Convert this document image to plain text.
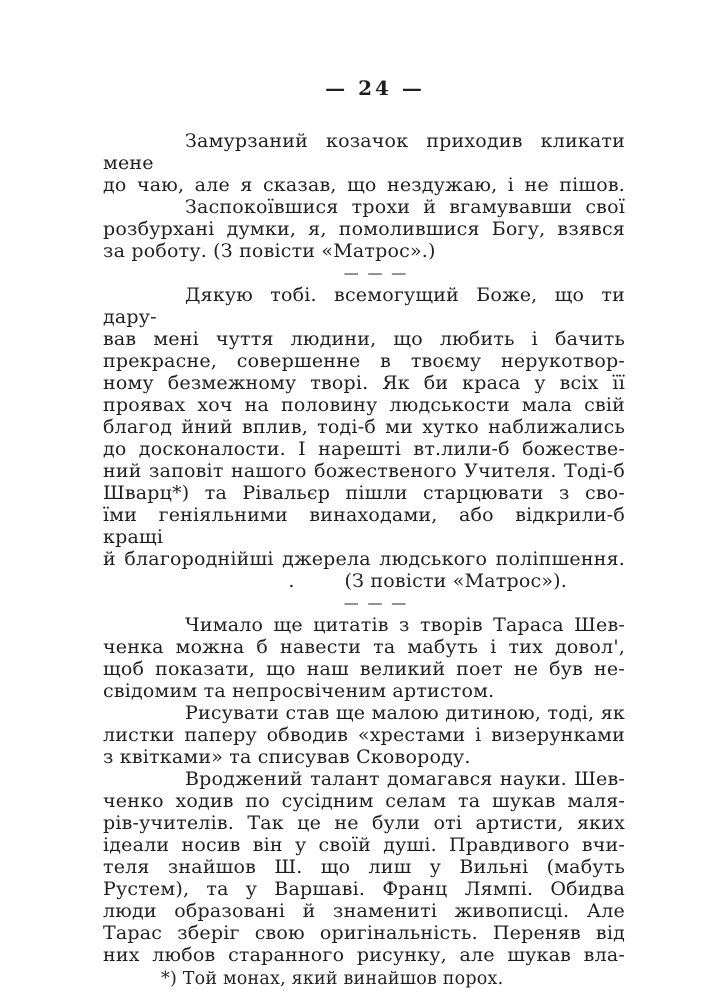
— 24 —
Замурзаний козачок приходив кликати мене
до чаю, але я сказав, що нездужаю, і не пішов.
Заспокоївшися трохи й вгамувавши свої
розбурхані думки, я, помолившися Богу, взявся
за роботу. (З повісти «Матрос».)
— — —
Дякую тобі. всемогущий Боже, що ти дару-
вав мені чуття людини, що любить і бачить
прекрасне, совершенне в твоєму нерукотвор-
ному безмежному творі. Як би краса у всіх її
проявах хоч на половину людськости мала свій
благод йний вплив, тоді-б ми хутко наближались
до досконалости. І нарешті вт.лили-б божестве-
ний заповіт нашого божественого Учителя. Тоді-б
Шварц*) та Рівальєр пішли старцювати з сво-
їми геніяльними винаходами, або відкрили-б кращі
й благороднійші джерела людського поліпшення.
.        (З повісти «Матрос»).
— — —
Чимало ще цитатів з творів Тараса Шев-
ченка можна б навести та мабуть і тих довол',
щоб показати, що наш великий поет не був не-
свідомим та непросвіченим артистом.
Рисувати став ще малою дитиною, тоді, як
листки паперу обводив «хрестами і визерунками
з квітками» та списував Сковороду.
Вроджений талант домагався науки. Шев-
ченко ходив по сусідним селам та шукав маля-
рів-учителів. Так це не були оті артисти, яких
ідеали носив він у своїй душі. Правдивого вчи-
теля знайшов Ш. що лиш у Вильні (мабуть
Рустем), та у Варшаві. Франц Лямпі. Обидва
люди образовані й знамениті живописці. Але
Тарас зберіг свою оригінальність. Переняв від
них любов старанного рисунку, але шукав вла-
*) Той монах, який винайшов порох.
